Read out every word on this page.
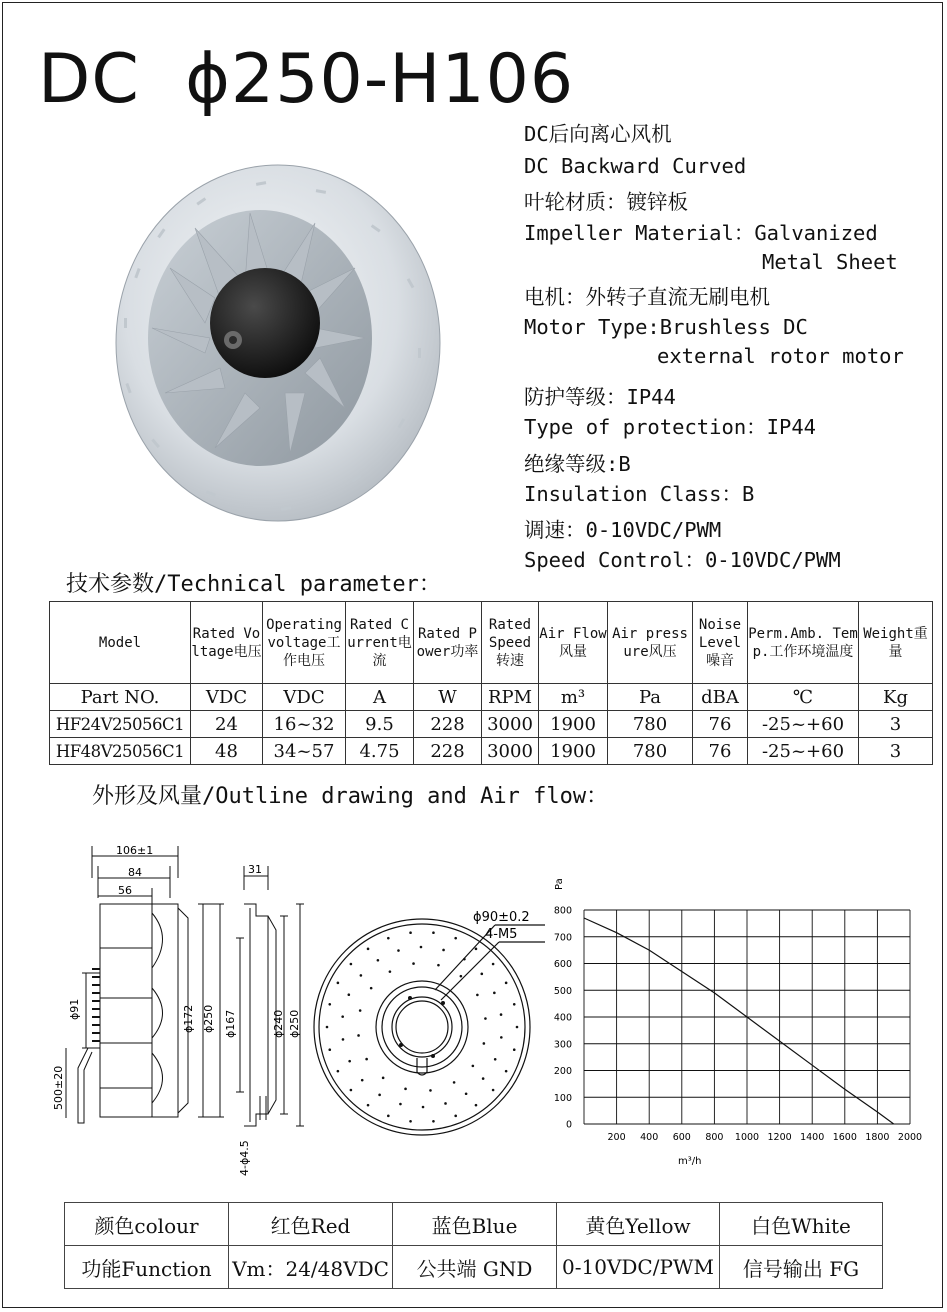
DC  ϕ250-H106
DC后向离心风机
DC Backward Curved
叶轮材质：镀锌板
Impeller Material：Galvanized
Metal Sheet
电机：外转子直流无刷电机
Motor Type:Brushless DC
external rotor motor
防护等级：IP44
Type of protection：IP44
绝缘等级:B
Insulation Class：B
调速：0-10VDC/PWM
Speed Control：0-10VDC/PWM
技术参数/Technical parameter：
Model	Rated Voltage电压	Operating voltage工作电压	Rated Current电流	Rated Power功率	Rated Speed转速	Air Flow风量	Air pressure风压	Noise Level噪音	Perm.Amb. Temp.工作环境温度	Weight重量
Part NO.	VDC	VDC	A	W	RPM	m³	Pa	dBA	℃	Kg
HF24V25056C1	24	16~32	9.5	228	3000	1900	780	76	-25~+60	3
HF48V25056C1	48	34~57	4.75	228	3000	1900	780	76	-25~+60	3
外形及风量/Outline drawing and Air flow：
106±1
84
56
ϕ91	ϕ172 ϕ250
500±20
31
ϕ167	ϕ240 ϕ250
4-ϕ4.5
ϕ90±0.2
4-M5
Pa
m³/h
0
100
200
300
400
500
600
700
800
200 400 600 800 1000 1200 1400 1600 1800 2000
颜色colour	红色Red	蓝色Blue	黄色Yellow	白色White
功能Function	Vm：24/48VDC	公共端 GND	0-10VDC/PWM	信号输出 FG
